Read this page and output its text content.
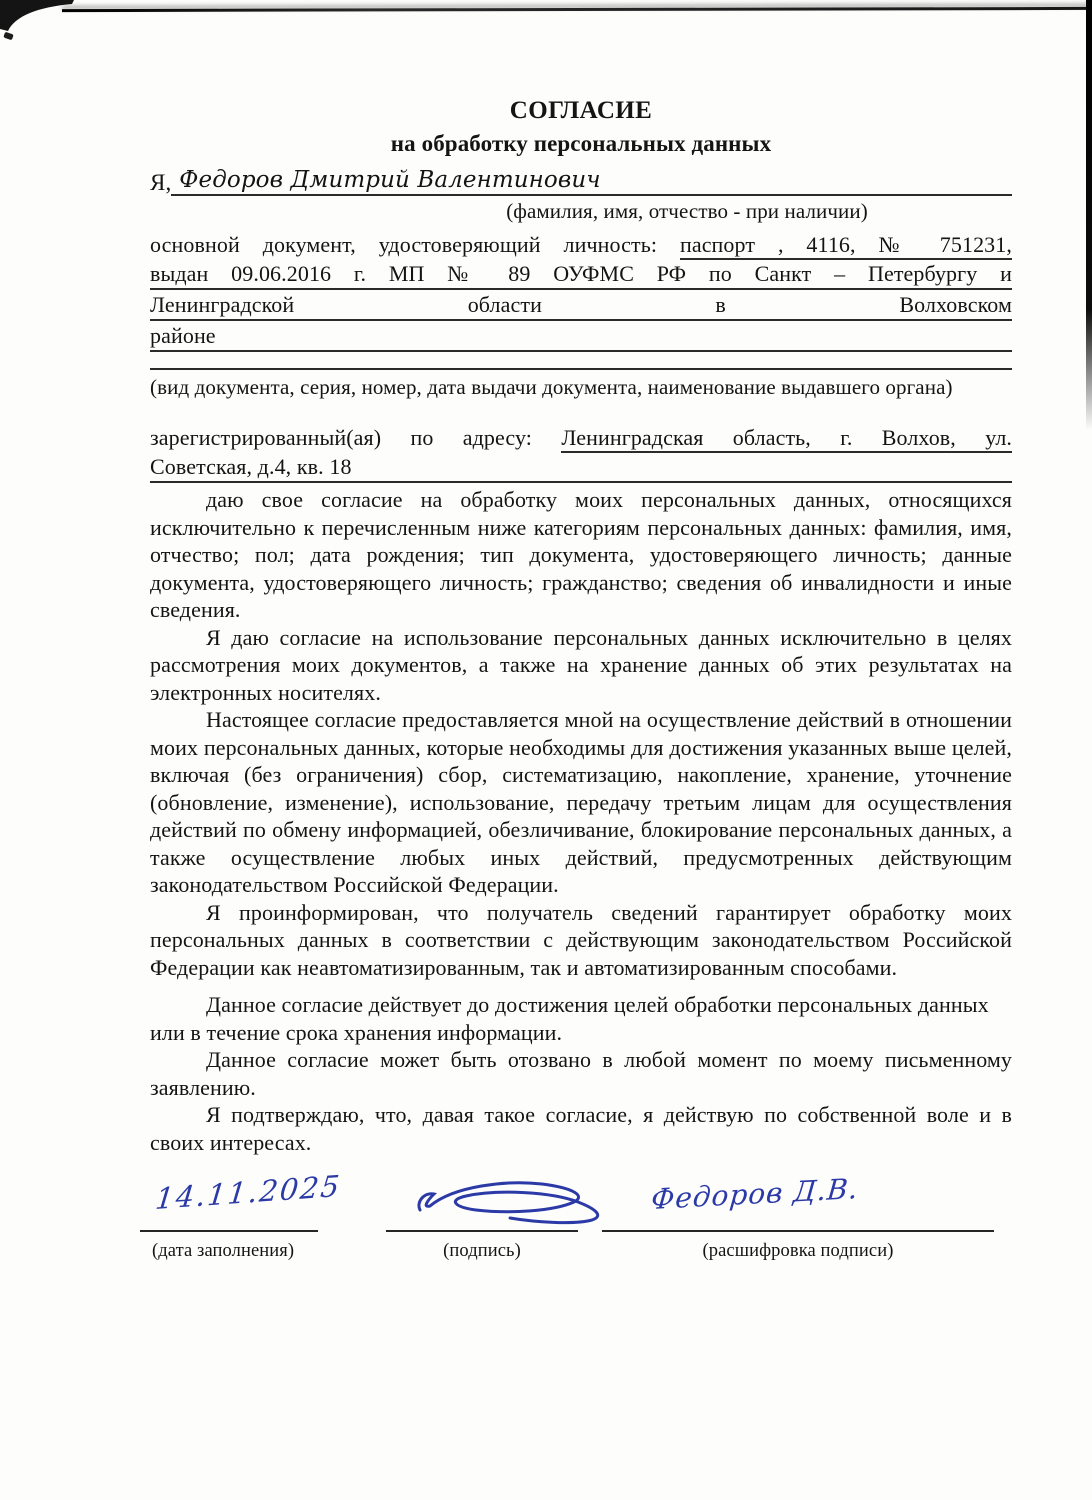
СОГЛАСИЕ
на обработку персональных данных
Я, Федоров Дмитрий Валентинович
(фамилия, имя, отчество - при наличии)
основной документ, удостоверяющий личность: паспорт , 4116, № 751231,
выдан 09.06.2016 г. МП № 89 ОУФМС РФ по Санкт – Петербургу и
Ленинградской области в Волховском
районе
(вид документа, серия, номер, дата выдачи документа, наименование выдавшего органа)
зарегистрированный(ая) по адресу: Ленинградская область, г. Волхов, ул.
Советская, д.4, кв. 18
даю свое согласие на обработку моих персональных данных, относящихся исключительно к перечисленным ниже категориям персональных данных: фамилия, имя, отчество; пол; дата рождения; тип документа, удостоверяющего личность; данные документа, удостоверяющего личность; гражданство; сведения об инвалидности и иные сведения.
Я даю согласие на использование персональных данных исключительно в целях рассмотрения моих документов, а также на хранение данных об этих результатах на электронных носителях.
Настоящее согласие предоставляется мной на осуществление действий в отношении моих персональных данных, которые необходимы для достижения указанных выше целей, включая (без ограничения) сбор, систематизацию, накопление, хранение, уточнение (обновление, изменение), использование, передачу третьим лицам для осуществления действий по обмену информацией, обезличивание, блокирование персональных данных, а также осуществление любых иных действий, предусмотренных действующим законодательством Российской Федерации.
Я проинформирован, что получатель сведений гарантирует обработку моих персональных данных в соответствии с действующим законодательством Российской Федерации как неавтоматизированным, так и автоматизированным способами.
Данное согласие действует до достижения целей обработки персональных данных
или в течение срока хранения информации.
Данное согласие может быть отозвано в любой момент по моему письменному заявлению.
Я подтверждаю, что, давая такое согласие, я действую по собственной воле и в своих интересах.
14.11.2025
(дата заполнения)	(подпись)
Федоров Д.В.
(расшифровка подписи)
